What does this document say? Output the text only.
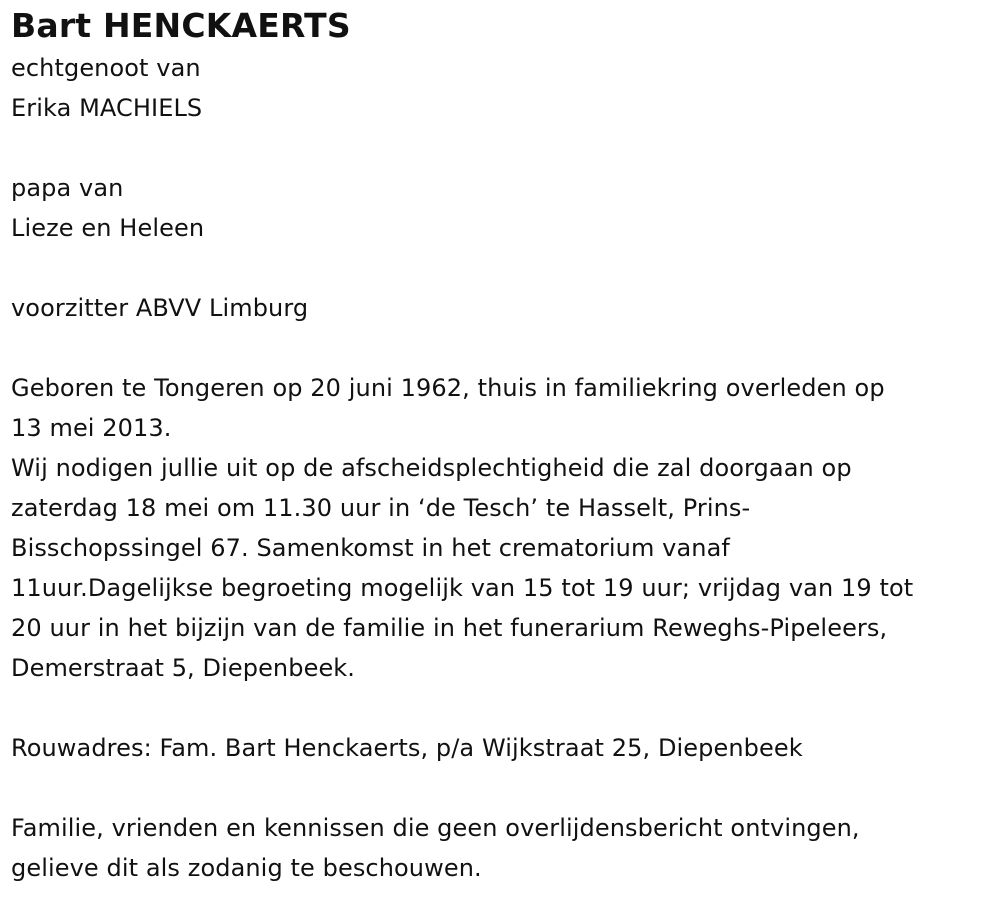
Bart HENCKAERTS

echtgenoot van

Erika MACHIELS

papa van

Lieze en Heleen

voorzitter ABVV Limburg

Geboren te Tongeren op 20 juni 1962, thuis in familiekring overleden op

13 mei 2013.

Wij nodigen jullie uit op de afscheidsplechtigheid die zal doorgaan op

zaterdag 18 mei om 11.30 uur in ‘de Tesch’ te Hasselt, Prins-

Bisschopssingel 67. Samenkomst in het crematorium vanaf

11uur.Dagelijkse begroeting mogelijk van 15 tot 19 uur; vrijdag van 19 tot

20 uur in het bijzijn van de familie in het funerarium Reweghs-Pipeleers,

Demerstraat 5, Diepenbeek.

Rouwadres: Fam. Bart Henckaerts, p/a Wijkstraat 25, Diepenbeek

Familie, vrienden en kennissen die geen overlijdensbericht ontvingen,

gelieve dit als zodanig te beschouwen.
